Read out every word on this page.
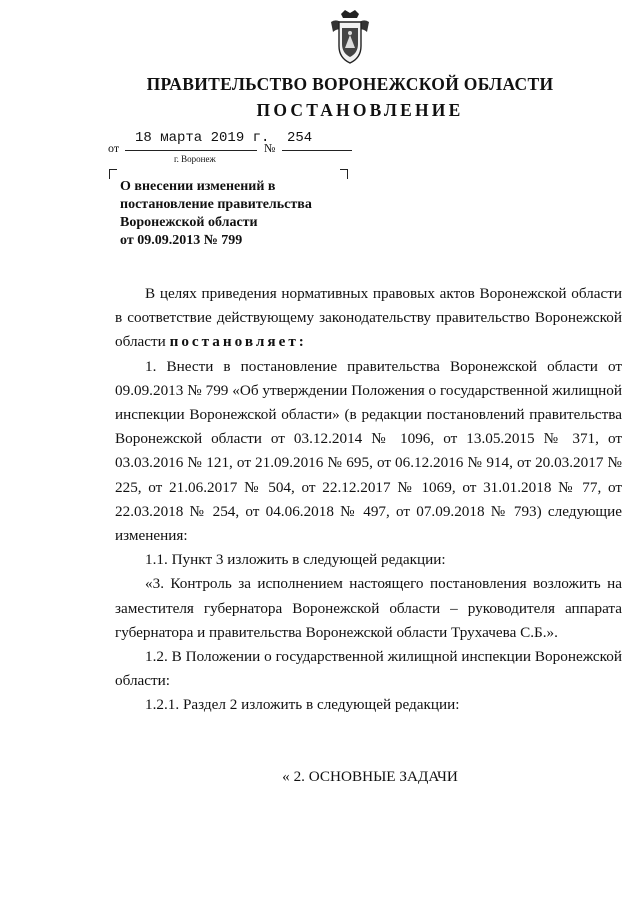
ПРАВИТЕЛЬСТВО ВОРОНЕЖСКОЙ ОБЛАСТИ
ПОСТАНОВЛЕНИЕ
от
18 марта 2019 г.
№
254
г. Воронеж
О внесении изменений в
постановление правительства
Воронежской области
от 09.09.2013 № 799

В целях приведения нормативных правовых актов Воронежской области в соответствие действующему законодательству правительство Воронежской области постановляет:

1. Внести в постановление правительства Воронежской области от 09.09.2013 № 799 «Об утверждении Положения о государственной жилищной инспекции Воронежской области» (в редакции постановлений правительства Воронежской области от 03.12.2014 № 1096, от 13.05.2015 № 371, от 03.03.2016 № 121, от 21.09.2016 № 695, от 06.12.2016 № 914, от 20.03.2017 № 225, от 21.06.2017 № 504, от 22.12.2017 № 1069, от 31.01.2018 № 77, от 22.03.2018 № 254, от 04.06.2018 № 497, от 07.09.2018 № 793) следующие изменения:

1.1. Пункт 3 изложить в следующей редакции:

«3. Контроль за исполнением настоящего постановления возложить на заместителя губернатора Воронежской области – руководителя аппарата губернатора и правительства Воронежской области Трухачева С.Б.».

1.2. В Положении о государственной жилищной инспекции Воронежской области:

1.2.1. Раздел 2 изложить в следующей редакции:

« 2. ОСНОВНЫЕ ЗАДАЧИ
